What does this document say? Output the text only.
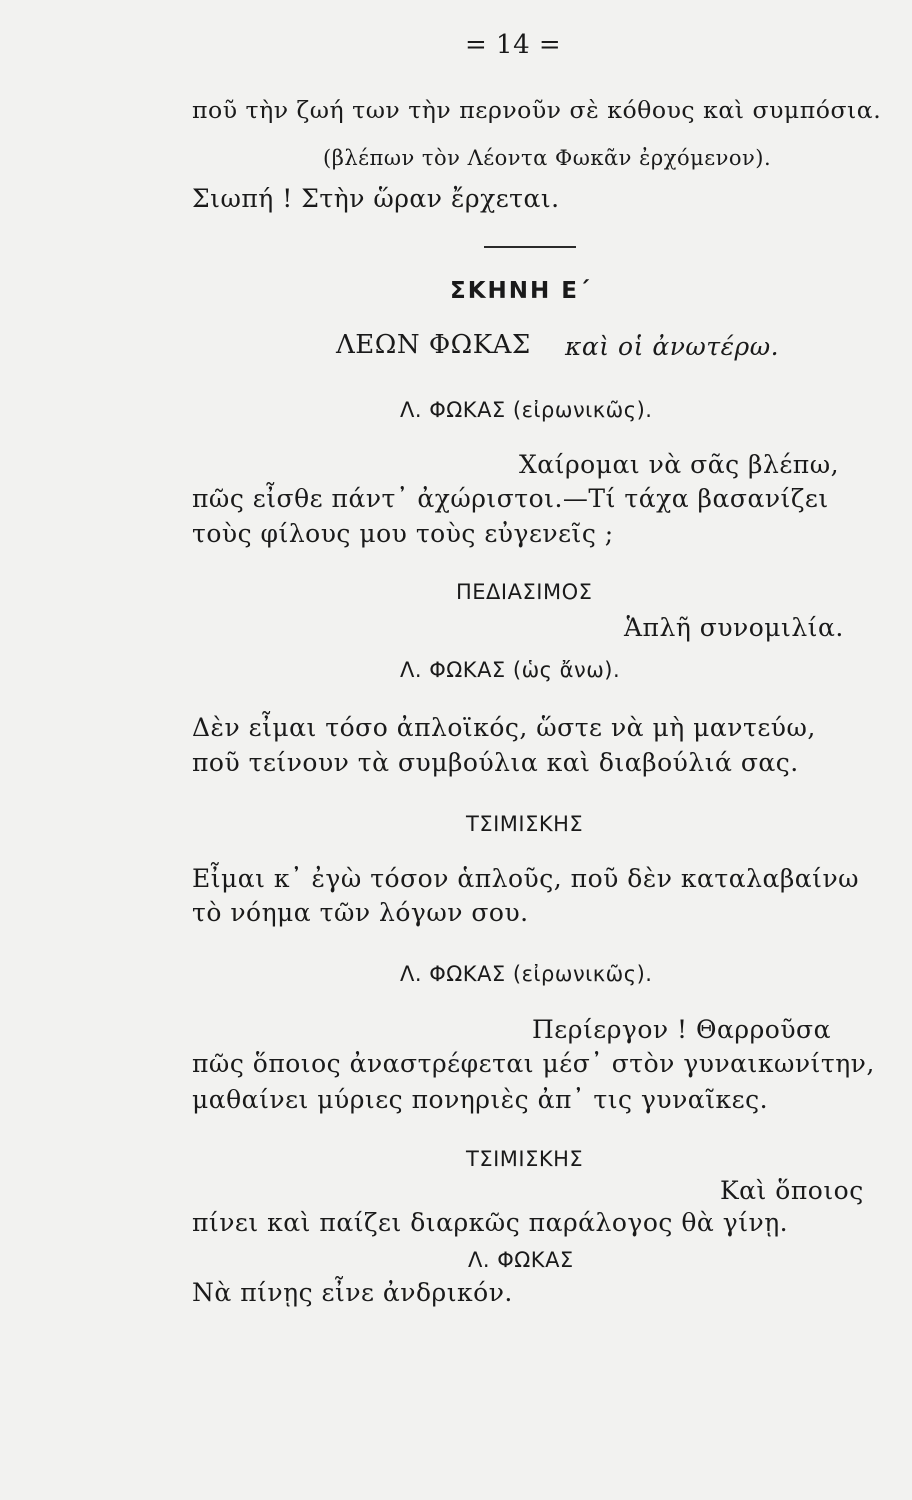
= 14 =
ποῦ τὴν ζωή των τὴν περνοῦν σὲ κόθους καὶ συμπόσια.
(βλέπων τὸν Λέοντα Φωκᾶν ἐρχόμενον).
Σιωπή ! Στὴν ὥραν ἔρχεται.
ΣΚΗΝΗ Ε΄
ΛΕΩΝ ΦΩΚΑΣ καὶ οἱ ἀνωτέρω.
Λ. ΦΩΚΑΣ (εἰρωνικῶς).
Χαίρομαι νὰ σᾶς βλέπω,
πῶς εἶσθε πάντ᾿ ἀχώριστοι.—Τί τάχα βασανίζει
τοὺς φίλους μου τοὺς εὐγενεῖς ;
ΠΕΔΙΑΣΙΜΟΣ
Ἁπλῆ συνομιλία.
Λ. ΦΩΚΑΣ (ὡς ἄνω).
Δὲν εἶμαι τόσο ἀπλοϊκός, ὥστε νὰ μὴ μαντεύω,
ποῦ τείνουν τὰ συμβούλια καὶ διαβούλιά σας.
ΤΣΙΜΙΣΚΗΣ
Εἶμαι κ᾿ ἐγὼ τόσον ἁπλοῦς, ποῦ δὲν καταλαβαίνω
τὸ νόημα τῶν λόγων σου.
Λ. ΦΩΚΑΣ (εἰρωνικῶς).
Περίεργον ! Θαρροῦσα
πῶς ὅποιος ἀναστρέφεται μέσ᾿ στὸν γυναικωνίτην,
μαθαίνει μύριες πονηριὲς ἀπ᾿ τις γυναῖκες.
ΤΣΙΜΙΣΚΗΣ
Καὶ ὅποιος
πίνει καὶ παίζει διαρκῶς παράλογος θὰ γίνῃ.
Λ. ΦΩΚΑΣ
Νὰ πίνῃς εἶνε ἀνδρικόν.
